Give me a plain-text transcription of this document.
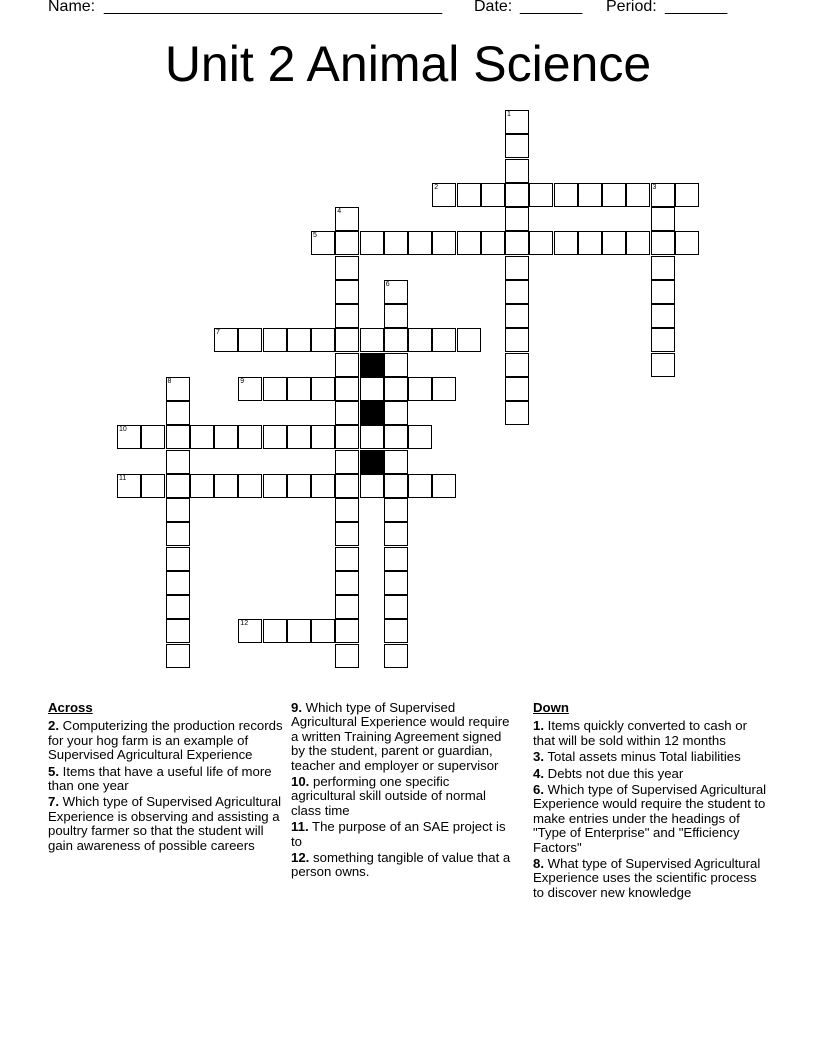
Name: ______________________________________ Date: _______ Period: _______
Unit 2 Animal Science
1
2	3
4
5
6
7
8	9
10
11
12
Across
2. Computerizing the production records for your hog farm is an example of Supervised Agricultural Experience
5. Items that have a useful life of more than one year
7. Which type of Supervised Agricultural Experience is observing and assisting a poultry farmer so that the student will gain awareness of possible careers
9. Which type of Supervised Agricultural Experience would require a written Training Agreement signed by the student, parent or guardian, teacher and employer or supervisor
10. performing one specific agricultural skill outside of normal class time
11. The purpose of an SAE project is to
12. something tangible of value that a person owns.
Down
1. Items quickly converted to cash or that will be sold within 12 months
3. Total assets minus Total liabilities
4. Debts not due this year
6. Which type of Supervised Agricultural Experience would require the student to make entries under the headings of "Type of Enterprise" and "Efficiency Factors"
8. What type of Supervised Agricultural Experience uses the scientific process to discover new knowledge
